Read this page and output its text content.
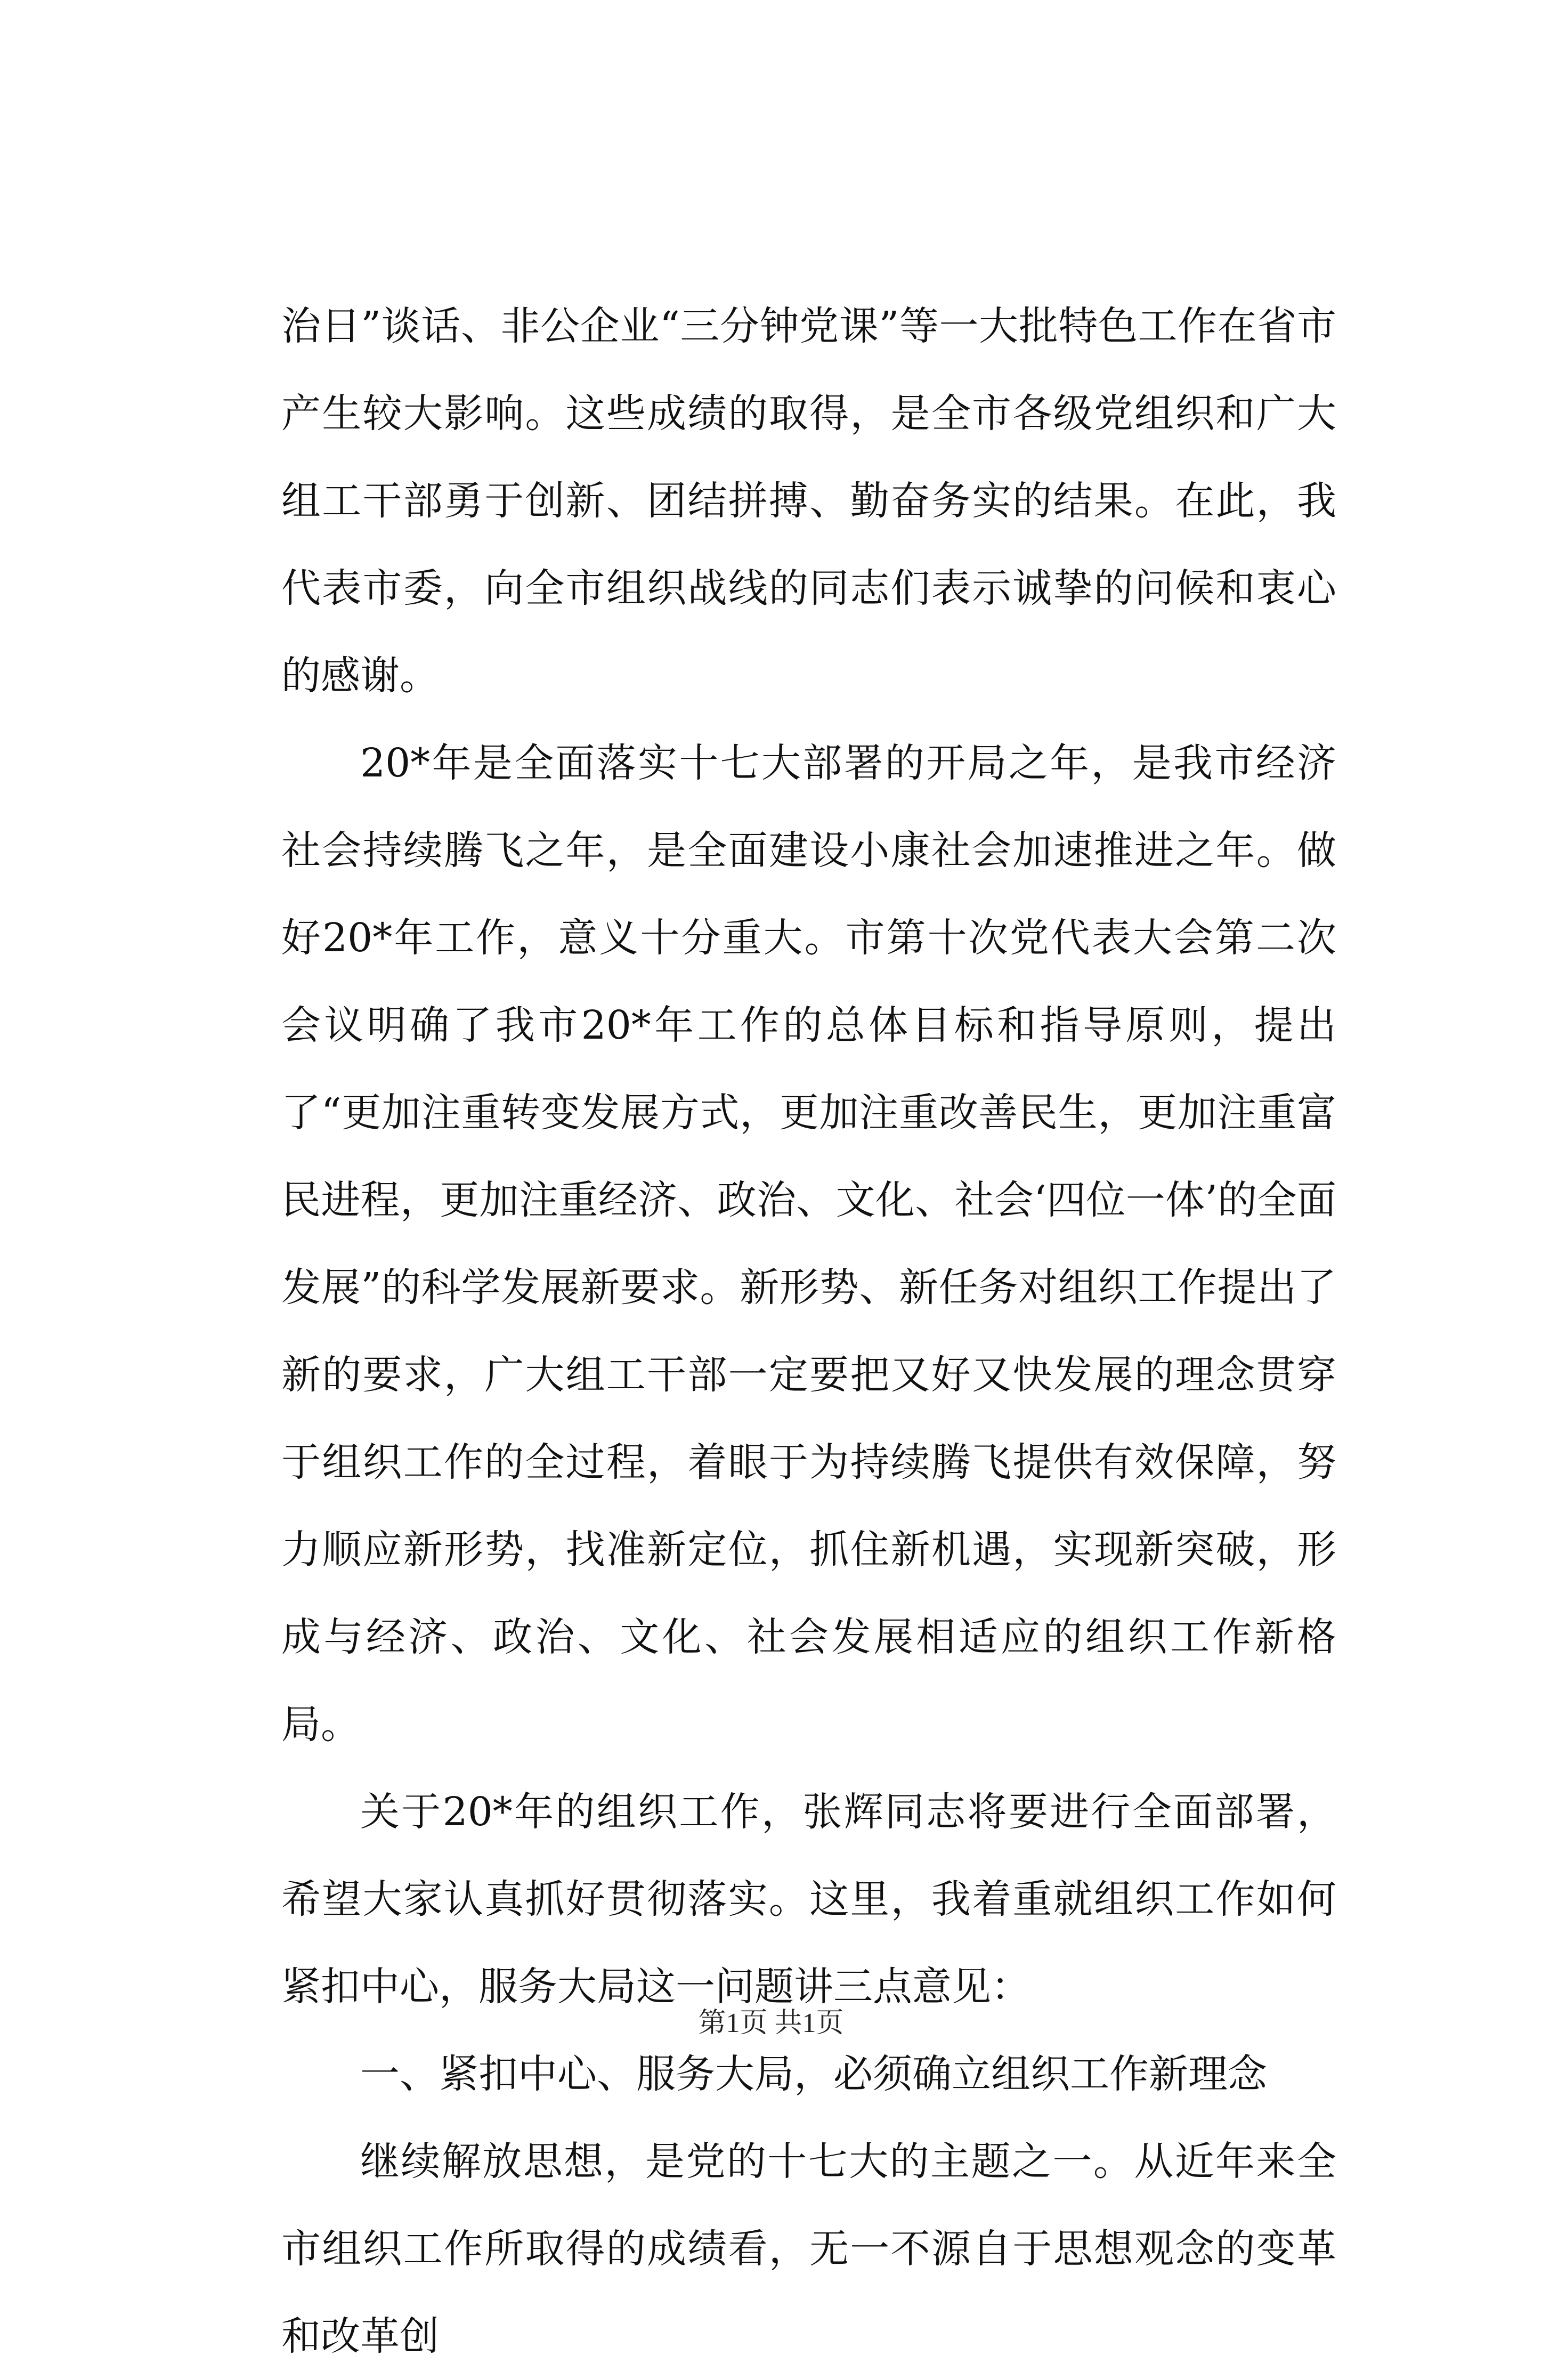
治日”谈话、非公企业“三分钟党课”等一大批特色工作在省市产生较大影响。这些成绩的取得，是全市各级党组织和广大组工干部勇于创新、团结拼搏、勤奋务实的结果。在此，我代表市委，向全市组织战线的同志们表示诚挚的问候和衷心的感谢。

20*年是全面落实十七大部署的开局之年，是我市经济社会持续腾飞之年，是全面建设小康社会加速推进之年。做好20*年工作，意义十分重大。市第十次党代表大会第二次会议明确了我市20*年工作的总体目标和指导原则，提出了“更加注重转变发展方式，更加注重改善民生，更加注重富民进程，更加注重经济、政治、文化、社会‘四位一体’的全面发展”的科学发展新要求。新形势、新任务对组织工作提出了新的要求，广大组工干部一定要把又好又快发展的理念贯穿于组织工作的全过程，着眼于为持续腾飞提供有效保障，努力顺应新形势，找准新定位，抓住新机遇，实现新突破，形成与经济、政治、文化、社会发展相适应的组织工作新格局。

关于20*年的组织工作，张辉同志将要进行全面部署，希望大家认真抓好贯彻落实。这里，我着重就组织工作如何紧扣中心，服务大局这一问题讲三点意见：

一、紧扣中心、服务大局，必须确立组织工作新理念

继续解放思想，是党的十七大的主题之一。从近年来全市组织工作所取得的成绩看，无一不源自于思想观念的变革和改革创

第1页 共1页
